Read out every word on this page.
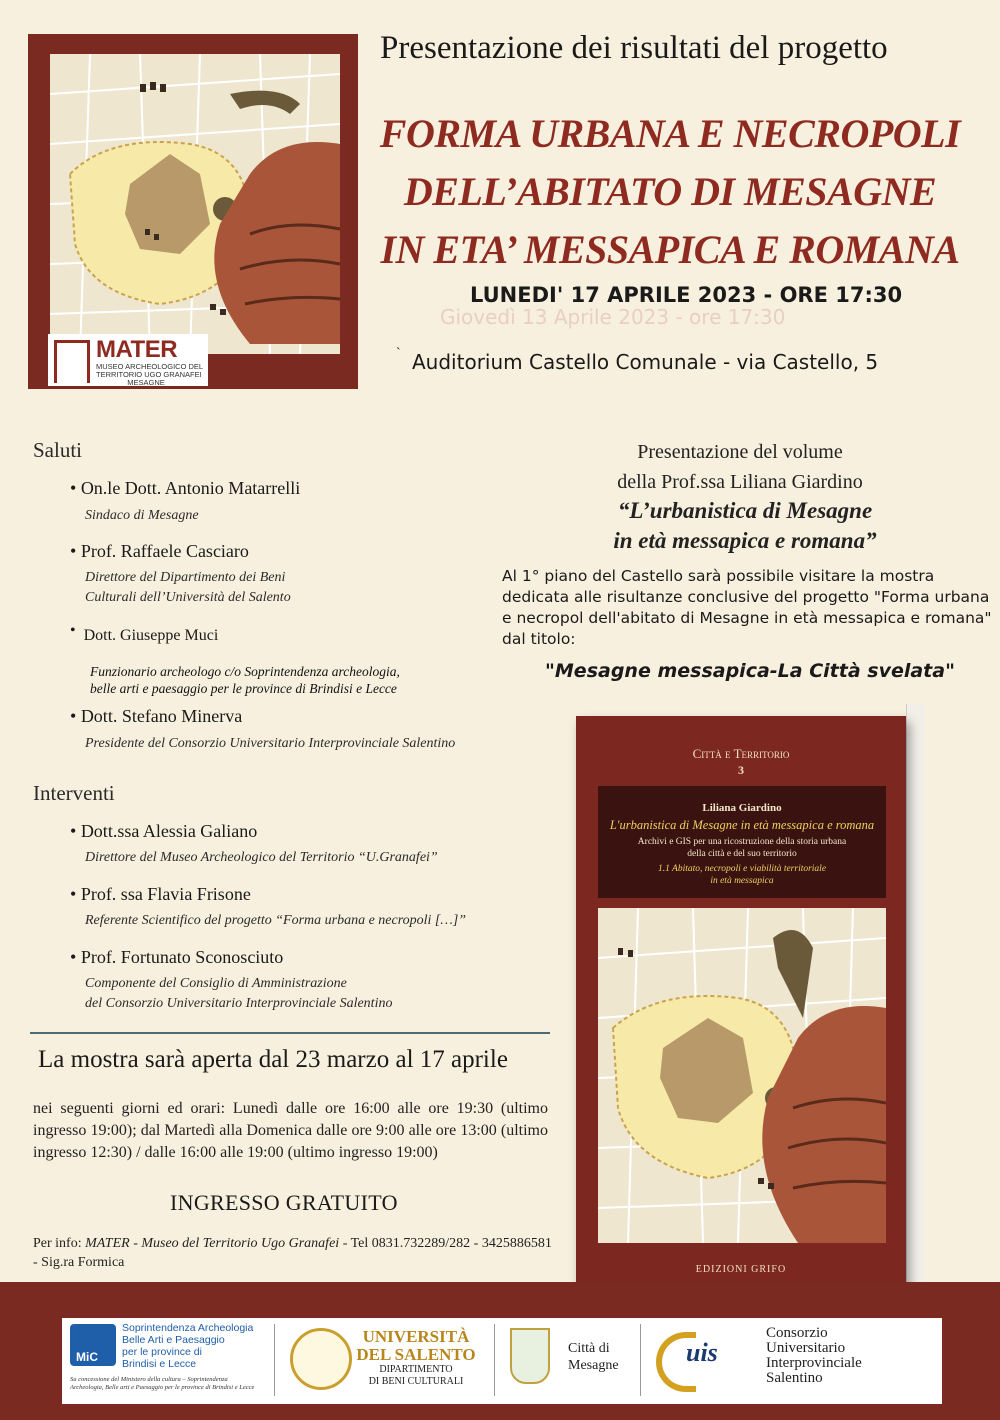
MATER
MUSEO ARCHEOLOGICO DEL
TERRITORIO UGO GRANAFEI
MESAGNE
Presentazione dei risultati del progetto
FORMA URBANA E NECROPOLI
DELL’ABITATO DI MESAGNE
IN ETA’ MESSAPICA E ROMANA
Giovedì 13 Aprile 2023 - ore 17:30
LUNEDI' 17 APRILE 2023 - ORE 17:30
` Auditorium Castello Comunale - via Castello, 5
Saluti
• On.le Dott. Antonio Matarrelli
Sindaco di Mesagne
• Prof. Raffaele Casciaro
Direttore del Dipartimento dei Beni
Culturali dell’Università del Salento
• Dott. Giuseppe Muci
Funzionario archeologo c/o Soprintendenza archeologia,
belle arti e paesaggio per le province di Brindisi e Lecce
• Dott. Stefano Minerva
Presidente del Consorzio Universitario Interprovinciale Salentino
Interventi
• Dott.ssa Alessia Galiano
Direttore del Museo Archeologico del Territorio “U.Granafei”
• Prof. ssa Flavia Frisone
Referente Scientifico del progetto “Forma urbana e necropoli […]”
• Prof. Fortunato Sconosciuto
Componente del Consiglio di Amministrazione
del Consorzio Universitario Interprovinciale Salentino
La mostra sarà aperta dal 23 marzo al 17 aprile
nei seguenti giorni ed orari: Lunedì dalle ore 16:00 alle ore 19:30 (ultimo ingresso 19:00); dal Martedì alla Domenica dalle ore 9:00 alle ore 13:00 (ultimo ingresso 12:30) / dalle 16:00 alle 19:00 (ultimo ingresso 19:00)
INGRESSO GRATUITO
Per info: MATER - Museo del Territorio Ugo Granafei - Tel 0831.732289/282 - 3425886581 - Sig.ra Formica
Presentazione del volume
della Prof.ssa Liliana Giardino
“L’urbanistica di Mesagne
in età messapica e romana”
Al 1° piano del Castello sarà possibile visitare la mostra dedicata alle risultanze conclusive del progetto "Forma urbana e necropol dell'abitato di Mesagne in età messapica e romana" dal titolo:
"Mesagne messapica-La Città svelata"
Città e Territorio
3
Liliana Giardino
L'urbanistica di Mesagne in età messapica e romana
Archivi e GIS per una ricostruzione della storia urbana
della città e del suo territorio
1.1 Abitato, necropoli e viabilità territoriale
in età messapica
EDIZIONI GRIFO
MiC
Soprintendenza Archeologia
Belle Arti e Paesaggio
per le province di
Brindisi e Lecce
Su concessione del Ministero della cultura – Soprintendenza
Archeologia, Belle arti e Paesaggio per le province di Brindisi e Lecce
UNIVERSITÀ
DEL SALENTO
DIPARTIMENTO
DI BENI CULTURALI
Città di
Mesagne	uis
Consorzio
Universitario
Interprovinciale
Salentino
